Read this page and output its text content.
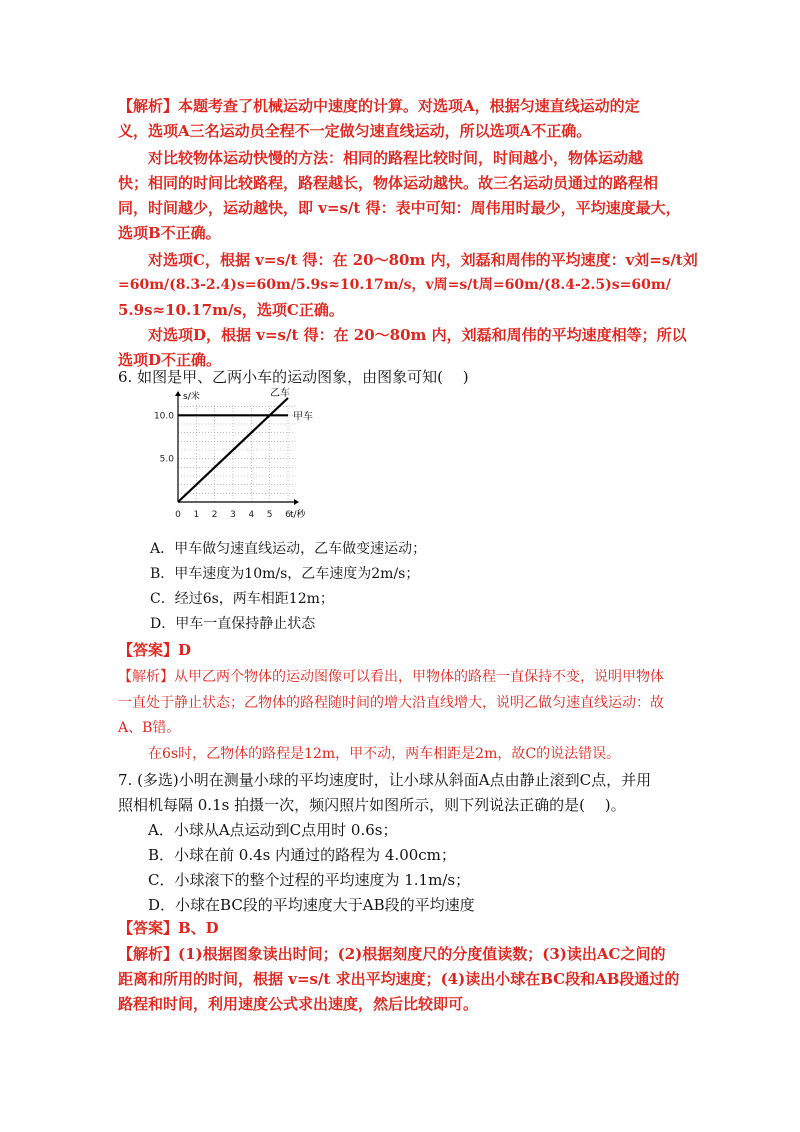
【解析】本题考查了机械运动中速度的计算。对选项A，根据匀速直线运动的定

义，选项A三名运动员全程不一定做匀速直线运动，所以选项A不正确。

对比较物体运动快慢的方法：相同的路程比较时间，时间越小，物体运动越

快；相同的时间比较路程，路程越长，物体运动越快。故三名运动员通过的路程相

同，时间越少，运动越快，即 v=s/t 得：表中可知：周伟用时最少，平均速度最大，

选项B不正确。

对选项C，根据 v=s/t 得：在 20～80m 内，刘磊和周伟的平均速度：v刘=s/t刘

=60m/(8.3-2.4)s=60m/5.9s≈10.17m/s，v周=s/t周=60m/(8.4-2.5)s=60m/

5.9s≈10.17m/s，选项C正确。

对选项D，根据 v=s/t 得：在 20～80m 内，刘磊和周伟的平均速度相等；所以

选项D不正确。

6. 如图是甲、乙两小车的运动图象，由图象可知(　 )

0 1 2 3 4 5 6
5.0
10.0	甲车
乙车
s/米
t/秒

A．甲车做匀速直线运动，乙车做变速运动；

B．甲车速度为10m/s，乙车速度为2m/s；

C．经过6s，两车相距12m；

D．甲车一直保持静止状态

【答案】D

【解析】从甲乙两个物体的运动图像可以看出，甲物体的路程一直保持不变，说明甲物体

一直处于静止状态；乙物体的路程随时间的增大沿直线增大，说明乙做匀速直线运动：故

A、B错。

在6s时，乙物体的路程是12m，甲不动，两车相距是2m，故C的说法错误。

7. (多选)小明在测量小球的平均速度时，让小球从斜面A点由静止滚到C点，并用

照相机每隔 0.1s 拍摄一次，频闪照片如图所示，则下列说法正确的是(　 )。

A．小球从A点运动到C点用时 0.6s；

B．小球在前 0.4s 内通过的路程为 4.00cm；

C．小球滚下的整个过程的平均速度为 1.1m/s；

D．小球在BC段的平均速度大于AB段的平均速度

【答案】B、D

【解析】(1)根据图象读出时间；(2)根据刻度尺的分度值读数；(3)读出AC之间的

距离和所用的时间，根据 v=s/t 求出平均速度；(4)读出小球在BC段和AB段通过的

路程和时间，利用速度公式求出速度，然后比较即可。
